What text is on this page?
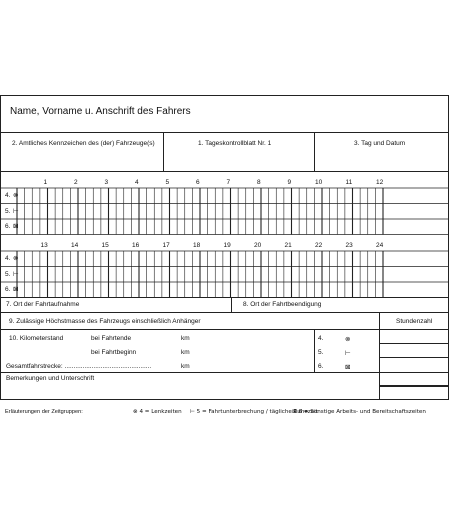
Name, Vorname u. Anschrift des Fahrers
2. Amtliches Kennzeichen des (der) Fahrzeuge(s)	1. Tageskontrollblatt Nr. 1	3. Tag und Datum
1	2	3	4	5	6	7	8	9	10	11	12
4. ⊗
5. ⊢
6. ⊠
13	14	15	16	17	18	19	20	21	22	23	24
4. ⊗
5. ⊢
6. ⊠
7. Ort der Fahrtaufnahme	8. Ort der Fahrtbeendigung
9. Zulässige Höchstmasse des Fahrzeugs einschließlich Anhänger	Stundenzahl
10. Kilometerstand	bei Fahrtende	km
bei Fahrtbeginn	km
Gesamtfahrstrecke: ................................................	km
4.	⊗
5.	⊢
6.	⊠
Bemerkungen und Unterschrift
Erläuterungen der Zeitgruppen:	⊗ 4 = Lenkzeiten ⊢ 5 = Fahrtunterbrechung / tägliche Ruhezeit
⊠ 6 = Sonstige Arbeits- und Bereitschaftszeiten
